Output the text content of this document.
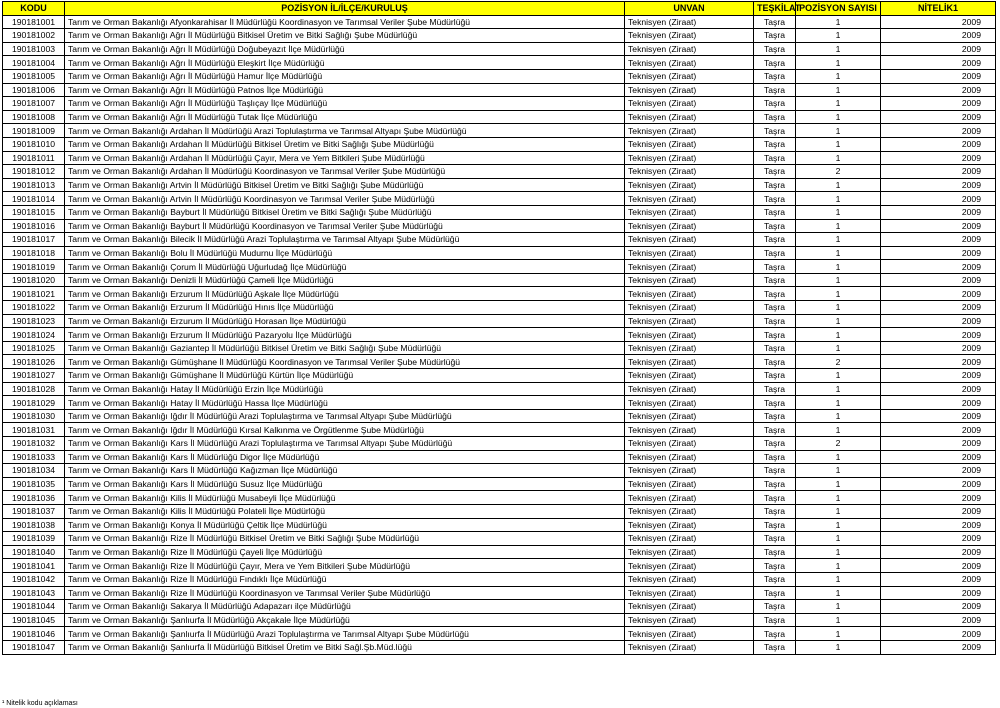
KODU	POZİSYON İL/İLÇE/KURULUŞ	UNVAN	TEŞKİLAT	POZİSYON SAYISI	NİTELİK1
190181001	Tarım ve Orman Bakanlığı Afyonkarahisar İl Müdürlüğü Koordinasyon ve Tarımsal Veriler Şube Müdürlüğü	Teknisyen (Ziraat)	Taşra	1	2009
190181002	Tarım ve Orman Bakanlığı Ağrı İl Müdürlüğü Bitkisel Üretim ve Bitki Sağlığı Şube Müdürlüğü	Teknisyen (Ziraat)	Taşra	1	2009
190181003	Tarım ve Orman Bakanlığı Ağrı İl Müdürlüğü Doğubeyazıt İlçe Müdürlüğü	Teknisyen (Ziraat)	Taşra	1	2009
190181004	Tarım ve Orman Bakanlığı Ağrı İl Müdürlüğü Eleşkirt İlçe Müdürlüğü	Teknisyen (Ziraat)	Taşra	1	2009
190181005	Tarım ve Orman Bakanlığı Ağrı İl Müdürlüğü Hamur İlçe Müdürlüğü	Teknisyen (Ziraat)	Taşra	1	2009
190181006	Tarım ve Orman Bakanlığı Ağrı İl Müdürlüğü Patnos İlçe Müdürlüğü	Teknisyen (Ziraat)	Taşra	1	2009
190181007	Tarım ve Orman Bakanlığı Ağrı İl Müdürlüğü Taşlıçay İlçe Müdürlüğü	Teknisyen (Ziraat)	Taşra	1	2009
190181008	Tarım ve Orman Bakanlığı Ağrı İl Müdürlüğü Tutak İlçe Müdürlüğü	Teknisyen (Ziraat)	Taşra	1	2009
190181009	Tarım ve Orman Bakanlığı Ardahan İl Müdürlüğü Arazi Toplulaştırma ve Tarımsal Altyapı Şube Müdürlüğü	Teknisyen (Ziraat)	Taşra	1	2009
190181010	Tarım ve Orman Bakanlığı Ardahan İl Müdürlüğü Bitkisel Üretim ve Bitki Sağlığı Şube Müdürlüğü	Teknisyen (Ziraat)	Taşra	1	2009
190181011	Tarım ve Orman Bakanlığı Ardahan İl Müdürlüğü Çayır, Mera ve Yem Bitkileri Şube Müdürlüğü	Teknisyen (Ziraat)	Taşra	1	2009
190181012	Tarım ve Orman Bakanlığı Ardahan İl Müdürlüğü Koordinasyon ve Tarımsal Veriler Şube Müdürlüğü	Teknisyen (Ziraat)	Taşra	2	2009
190181013	Tarım ve Orman Bakanlığı Artvin İl Müdürlüğü Bitkisel Üretim ve Bitki Sağlığı Şube Müdürlüğü	Teknisyen (Ziraat)	Taşra	1	2009
190181014	Tarım ve Orman Bakanlığı Artvin İl Müdürlüğü Koordinasyon ve Tarımsal Veriler Şube Müdürlüğü	Teknisyen (Ziraat)	Taşra	1	2009
190181015	Tarım ve Orman Bakanlığı Bayburt İl Müdürlüğü Bitkisel Üretim ve Bitki Sağlığı Şube Müdürlüğü	Teknisyen (Ziraat)	Taşra	1	2009
190181016	Tarım ve Orman Bakanlığı Bayburt İl Müdürlüğü Koordinasyon ve Tarımsal Veriler Şube Müdürlüğü	Teknisyen (Ziraat)	Taşra	1	2009
190181017	Tarım ve Orman Bakanlığı Bilecik İl Müdürlüğü Arazi Toplulaştırma ve Tarımsal Altyapı Şube Müdürlüğü	Teknisyen (Ziraat)	Taşra	1	2009
190181018	Tarım ve Orman Bakanlığı Bolu İl Müdürlüğü Mudurnu İlçe Müdürlüğü	Teknisyen (Ziraat)	Taşra	1	2009
190181019	Tarım ve Orman Bakanlığı Çorum İl Müdürlüğü Uğurludağ İlçe Müdürlüğü	Teknisyen (Ziraat)	Taşra	1	2009
190181020	Tarım ve Orman Bakanlığı Denizli İl Müdürlüğü Çameli İlçe Müdürlüğü	Teknisyen (Ziraat)	Taşra	1	2009
190181021	Tarım ve Orman Bakanlığı Erzurum İl Müdürlüğü Aşkale İlçe Müdürlüğü	Teknisyen (Ziraat)	Taşra	1	2009
190181022	Tarım ve Orman Bakanlığı Erzurum İl Müdürlüğü Hınıs İlçe Müdürlüğü	Teknisyen (Ziraat)	Taşra	1	2009
190181023	Tarım ve Orman Bakanlığı Erzurum İl Müdürlüğü Horasan İlçe Müdürlüğü	Teknisyen (Ziraat)	Taşra	1	2009
190181024	Tarım ve Orman Bakanlığı Erzurum İl Müdürlüğü Pazaryolu İlçe Müdürlüğü	Teknisyen (Ziraat)	Taşra	1	2009
190181025	Tarım ve Orman Bakanlığı Gaziantep İl Müdürlüğü Bitkisel Üretim ve Bitki Sağlığı Şube Müdürlüğü	Teknisyen (Ziraat)	Taşra	1	2009
190181026	Tarım ve Orman Bakanlığı Gümüşhane İl Müdürlüğü Koordinasyon ve Tarımsal Veriler Şube Müdürlüğü	Teknisyen (Ziraat)	Taşra	2	2009
190181027	Tarım ve Orman Bakanlığı Gümüşhane İl Müdürlüğü Kürtün İlçe Müdürlüğü	Teknisyen (Ziraat)	Taşra	1	2009
190181028	Tarım ve Orman Bakanlığı Hatay İl Müdürlüğü Erzin İlçe Müdürlüğü	Teknisyen (Ziraat)	Taşra	1	2009
190181029	Tarım ve Orman Bakanlığı Hatay İl Müdürlüğü Hassa İlçe Müdürlüğü	Teknisyen (Ziraat)	Taşra	1	2009
190181030	Tarım ve Orman Bakanlığı Iğdır İl Müdürlüğü Arazi Toplulaştırma ve Tarımsal Altyapı Şube Müdürlüğü	Teknisyen (Ziraat)	Taşra	1	2009
190181031	Tarım ve Orman Bakanlığı Iğdır İl Müdürlüğü Kırsal Kalkınma ve Örgütlenme Şube Müdürlüğü	Teknisyen (Ziraat)	Taşra	1	2009
190181032	Tarım ve Orman Bakanlığı Kars İl Müdürlüğü Arazi Toplulaştırma ve Tarımsal Altyapı Şube Müdürlüğü	Teknisyen (Ziraat)	Taşra	2	2009
190181033	Tarım ve Orman Bakanlığı Kars İl Müdürlüğü Digor İlçe Müdürlüğü	Teknisyen (Ziraat)	Taşra	1	2009
190181034	Tarım ve Orman Bakanlığı Kars İl Müdürlüğü Kağızman İlçe Müdürlüğü	Teknisyen (Ziraat)	Taşra	1	2009
190181035	Tarım ve Orman Bakanlığı Kars İl Müdürlüğü Susuz İlçe Müdürlüğü	Teknisyen (Ziraat)	Taşra	1	2009
190181036	Tarım ve Orman Bakanlığı Kilis İl Müdürlüğü Musabeyli İlçe Müdürlüğü	Teknisyen (Ziraat)	Taşra	1	2009
190181037	Tarım ve Orman Bakanlığı Kilis İl Müdürlüğü Polateli İlçe Müdürlüğü	Teknisyen (Ziraat)	Taşra	1	2009
190181038	Tarım ve Orman Bakanlığı Konya İl Müdürlüğü Çeltik İlçe Müdürlüğü	Teknisyen (Ziraat)	Taşra	1	2009
190181039	Tarım ve Orman Bakanlığı Rize İl Müdürlüğü Bitkisel Üretim ve Bitki Sağlığı Şube Müdürlüğü	Teknisyen (Ziraat)	Taşra	1	2009
190181040	Tarım ve Orman Bakanlığı Rize İl Müdürlüğü Çayeli İlçe Müdürlüğü	Teknisyen (Ziraat)	Taşra	1	2009
190181041	Tarım ve Orman Bakanlığı Rize İl Müdürlüğü Çayır, Mera ve Yem Bitkileri Şube Müdürlüğü	Teknisyen (Ziraat)	Taşra	1	2009
190181042	Tarım ve Orman Bakanlığı Rize İl Müdürlüğü Fındıklı İlçe Müdürlüğü	Teknisyen (Ziraat)	Taşra	1	2009
190181043	Tarım ve Orman Bakanlığı Rize İl Müdürlüğü Koordinasyon ve Tarımsal Veriler Şube Müdürlüğü	Teknisyen (Ziraat)	Taşra	1	2009
190181044	Tarım ve Orman Bakanlığı Sakarya İl Müdürlüğü Adapazarı ilçe Müdürlüğü	Teknisyen (Ziraat)	Taşra	1	2009
190181045	Tarım ve Orman Bakanlığı Şanlıurfa İl Müdürlüğü Akçakale İlçe Müdürlüğü	Teknisyen (Ziraat)	Taşra	1	2009
190181046	Tarım ve Orman Bakanlığı Şanlıurfa İl Müdürlüğü Arazi Toplulaştırma ve Tarımsal Altyapı Şube Müdürlüğü	Teknisyen (Ziraat)	Taşra	1	2009
190181047	Tarım ve Orman Bakanlığı Şanlıurfa İl Müdürlüğü Bitkisel Üretim ve Bitki Sağl.Şb.Müd.lüğü	Teknisyen (Ziraat)	Taşra	1	2009
¹ Nitelik kodu açıklaması
